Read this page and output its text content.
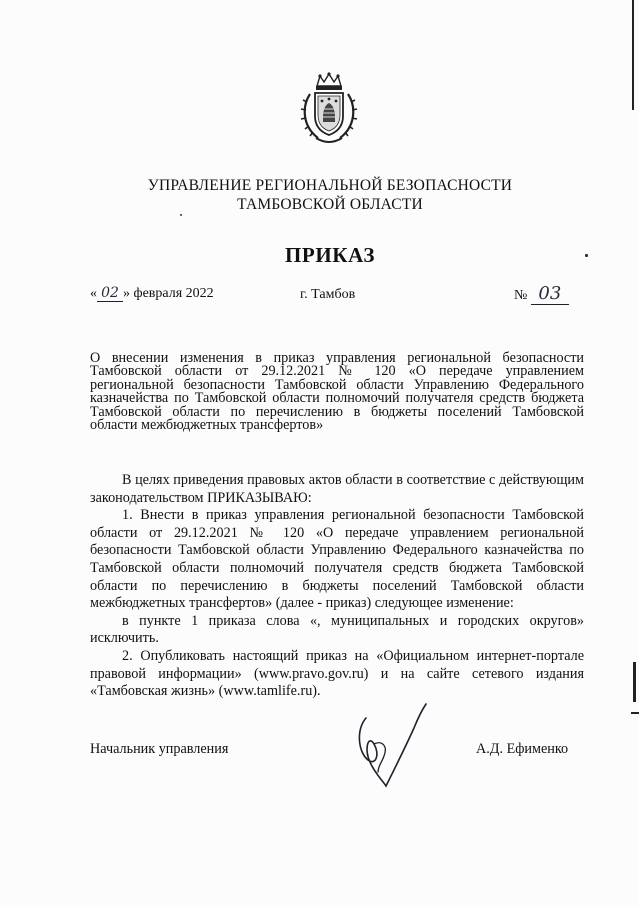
УПРАВЛЕНИЕ РЕГИОНАЛЬНОЙ БЕЗОПАСНОСТИ
ТАМБОВСКОЙ ОБЛАСТИ
ПРИКАЗ
« 02 » февраля 2022	г. Тамбов	№ 03

О внесении изменения в приказ управления региональной безопасности Тамбовской области от 29.12.2021 № 120 «О передаче управлением региональной безопасности Тамбовской области Управлению Федерального казначейства по Тамбовской области полномочий получателя средств бюджета Тамбовской области по перечислению в бюджеты поселений Тамбовской области межбюджетных трансфертов»

В целях приведения правовых актов области в соответствие с действующим законодательством ПРИКАЗЫВАЮ:

1. Внести в приказ управления региональной безопасности Тамбовской области от 29.12.2021 № 120 «О передаче управлением региональной безопасности Тамбовской области Управлению Федерального казначейства по Тамбовской области полномочий получателя средств бюджета Тамбовской области по перечислению в бюджеты поселений Тамбовской области межбюджетных трансфертов» (далее - приказ) следующее изменение:

в пункте 1 приказа слова «, муниципальных и городских округов» исключить.

2. Опубликовать настоящий приказ на «Официальном интернет-портале правовой информации» (www.pravo.gov.ru) и на сайте сетевого издания «Тамбовская жизнь» (www.tamlife.ru).

Начальник управления	А.Д. Ефименко
